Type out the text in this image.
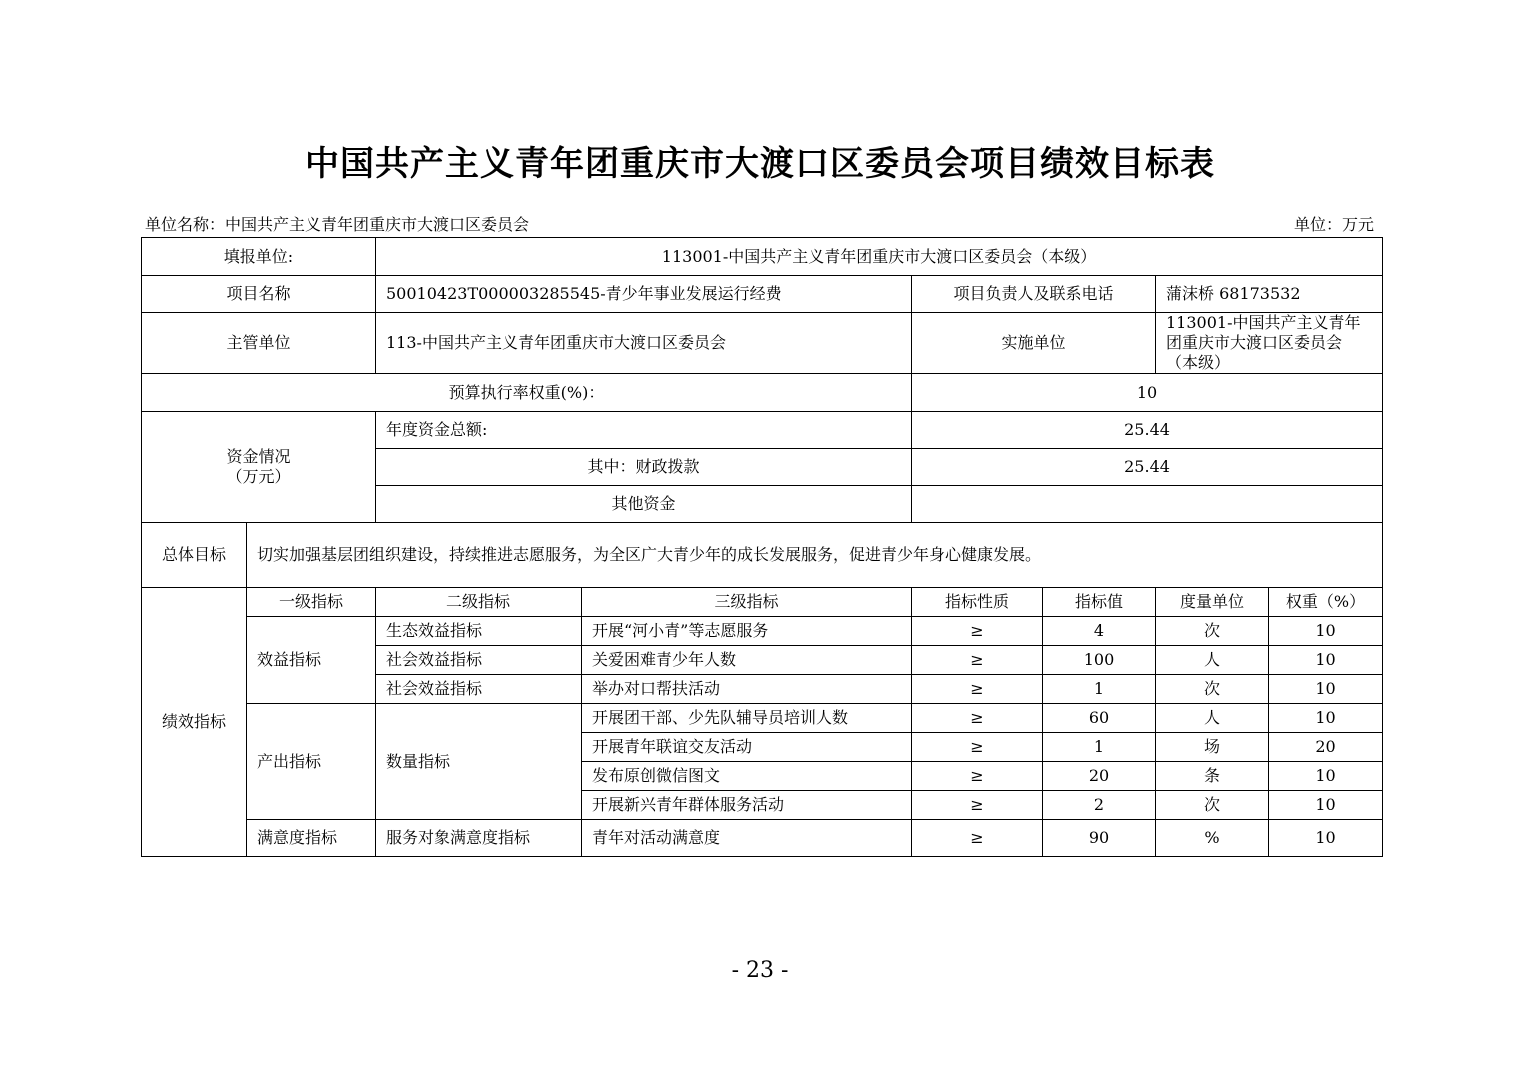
中国共产主义青年团重庆市大渡口区委员会项目绩效目标表
单位名称：中国共产主义青年团重庆市大渡口区委员会	单位：万元
填报单位:		113001-中国共产主义青年团重庆市大渡口区委员会（本级）					
项目名称		50010423T000003285545-青少年事业发展运行经费		项目负责人及联系电话		蒲沫桥 68173532	
主管单位		113-中国共产主义青年团重庆市大渡口区委员会		实施单位		113001-中国共产主义青年团重庆市大渡口区委员会（本级）	
预算执行率权重(%)：				10			
资金情况
（万元）		年度资金总额:		25.44			
		其中：财政拨款		25.44			
		其他资金					
总体目标	切实加强基层团组织建设，持续推进志愿服务，为全区广大青少年的成长发展服务，促进青少年身心健康发展。						
绩效指标	一级指标	二级指标	三级指标	指标性质	指标值	度量单位	权重（%）
	效益指标	生态效益指标	开展“河小青”等志愿服务	≥	4	次	10
		社会效益指标	关爱困难青少年人数	≥	100	人	10
		社会效益指标	举办对口帮扶活动	≥	1	次	10
	产出指标	数量指标	开展团干部、少先队辅导员培训人数	≥	60	人	10
			开展青年联谊交友活动	≥	1	场	20
			发布原创微信图文	≥	20	条	10
			开展新兴青年群体服务活动	≥	2	次	10
	满意度指标	服务对象满意度指标	青年对活动满意度	≥	90	%	10
- 23 -
